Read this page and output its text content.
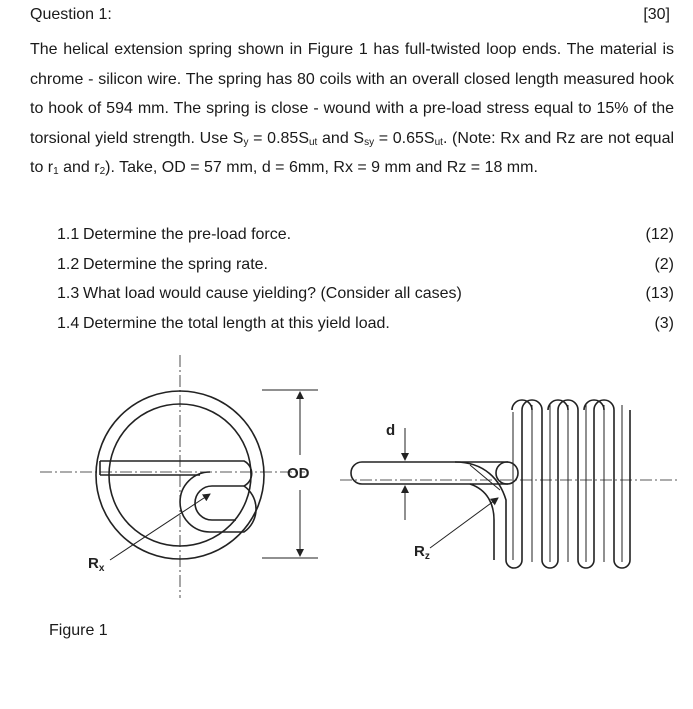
Question 1:	[30]
The helical extension spring shown in Figure 1 has full-twisted loop ends. The material is chrome - silicon wire. The spring has 80 coils with an overall closed length measured hook to hook of 594 mm. The spring is close - wound with a pre-load stress equal to 15% of the torsional yield strength. Use $S_y = 0.85S_{ut}$ and $S_{sy} = 0.65S_{ut}$. (Note: Rx and Rz are not equal to $r_1$ and $r_2$). Take, OD = 57 mm, d = 6mm, Rx = 9 mm and Rz = 18 mm.
1.1 Determine the pre-load force.	(12)
1.2 Determine the spring rate.	(2)
1.3 What load would cause yielding? (Consider all cases)	(13)
1.4 Determine the total length at this yield load.	(3)
OD
$R_x$
d
$R_z$
Figure 1
